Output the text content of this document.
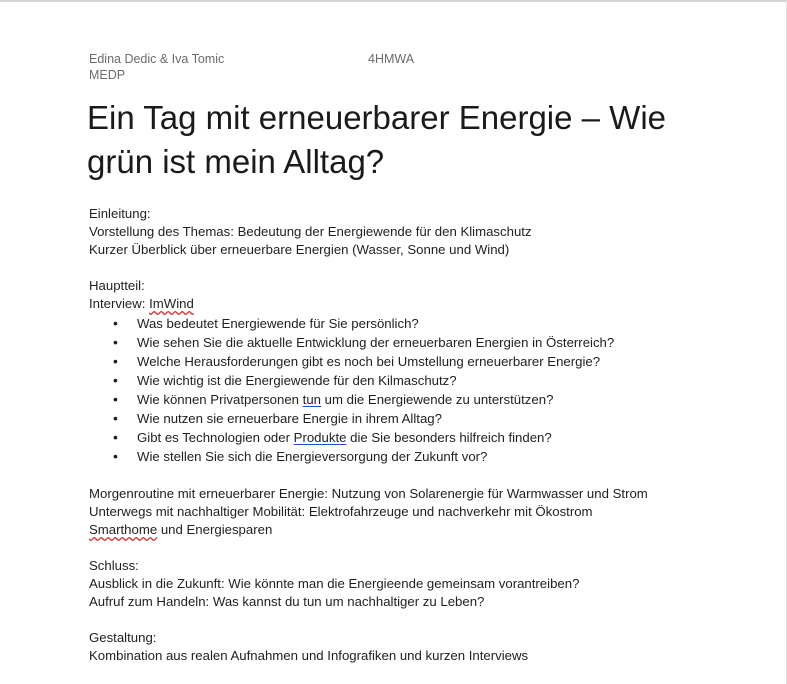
Edina Dedic & Iva Tomic	4HMWA
MEDP
Ein Tag mit erneuerbarer Energie – Wie grün ist mein Alltag?

Einleitung:

Vorstellung des Themas: Bedeutung der Energiewende für den Klimaschutz

Kurzer Überblick über erneuerbare Energien (Wasser, Sonne und Wind)

Hauptteil:

Interview: ImWind

• Was bedeutet Energiewende für Sie persönlich?
• Wie sehen Sie die aktuelle Entwicklung der erneuerbaren Energien in Österreich?
• Welche Herausforderungen gibt es noch bei Umstellung erneuerbarer Energie?
• Wie wichtig ist die Energiewende für den Kilmaschutz?
• Wie können Privatpersonen tun um die Energiewende zu unterstützen?
• Wie nutzen sie erneuerbare Energie in ihrem Alltag?
• Gibt es Technologien oder Produkte die Sie besonders hilfreich finden?
• Wie stellen Sie sich die Energieversorgung der Zukunft vor?

Morgenroutine mit erneuerbarer Energie: Nutzung von Solarenergie für Warmwasser und Strom

Unterwegs mit nachhaltiger Mobilität: Elektrofahrzeuge und nachverkehr mit Ökostrom

Smarthome und Energiesparen

Schluss:

Ausblick in die Zukunft: Wie könnte man die Energieende gemeinsam vorantreiben?

Aufruf zum Handeln: Was kannst du tun um nachhaltiger zu Leben?

Gestaltung:

Kombination aus realen Aufnahmen und Infografiken und kurzen Interviews
